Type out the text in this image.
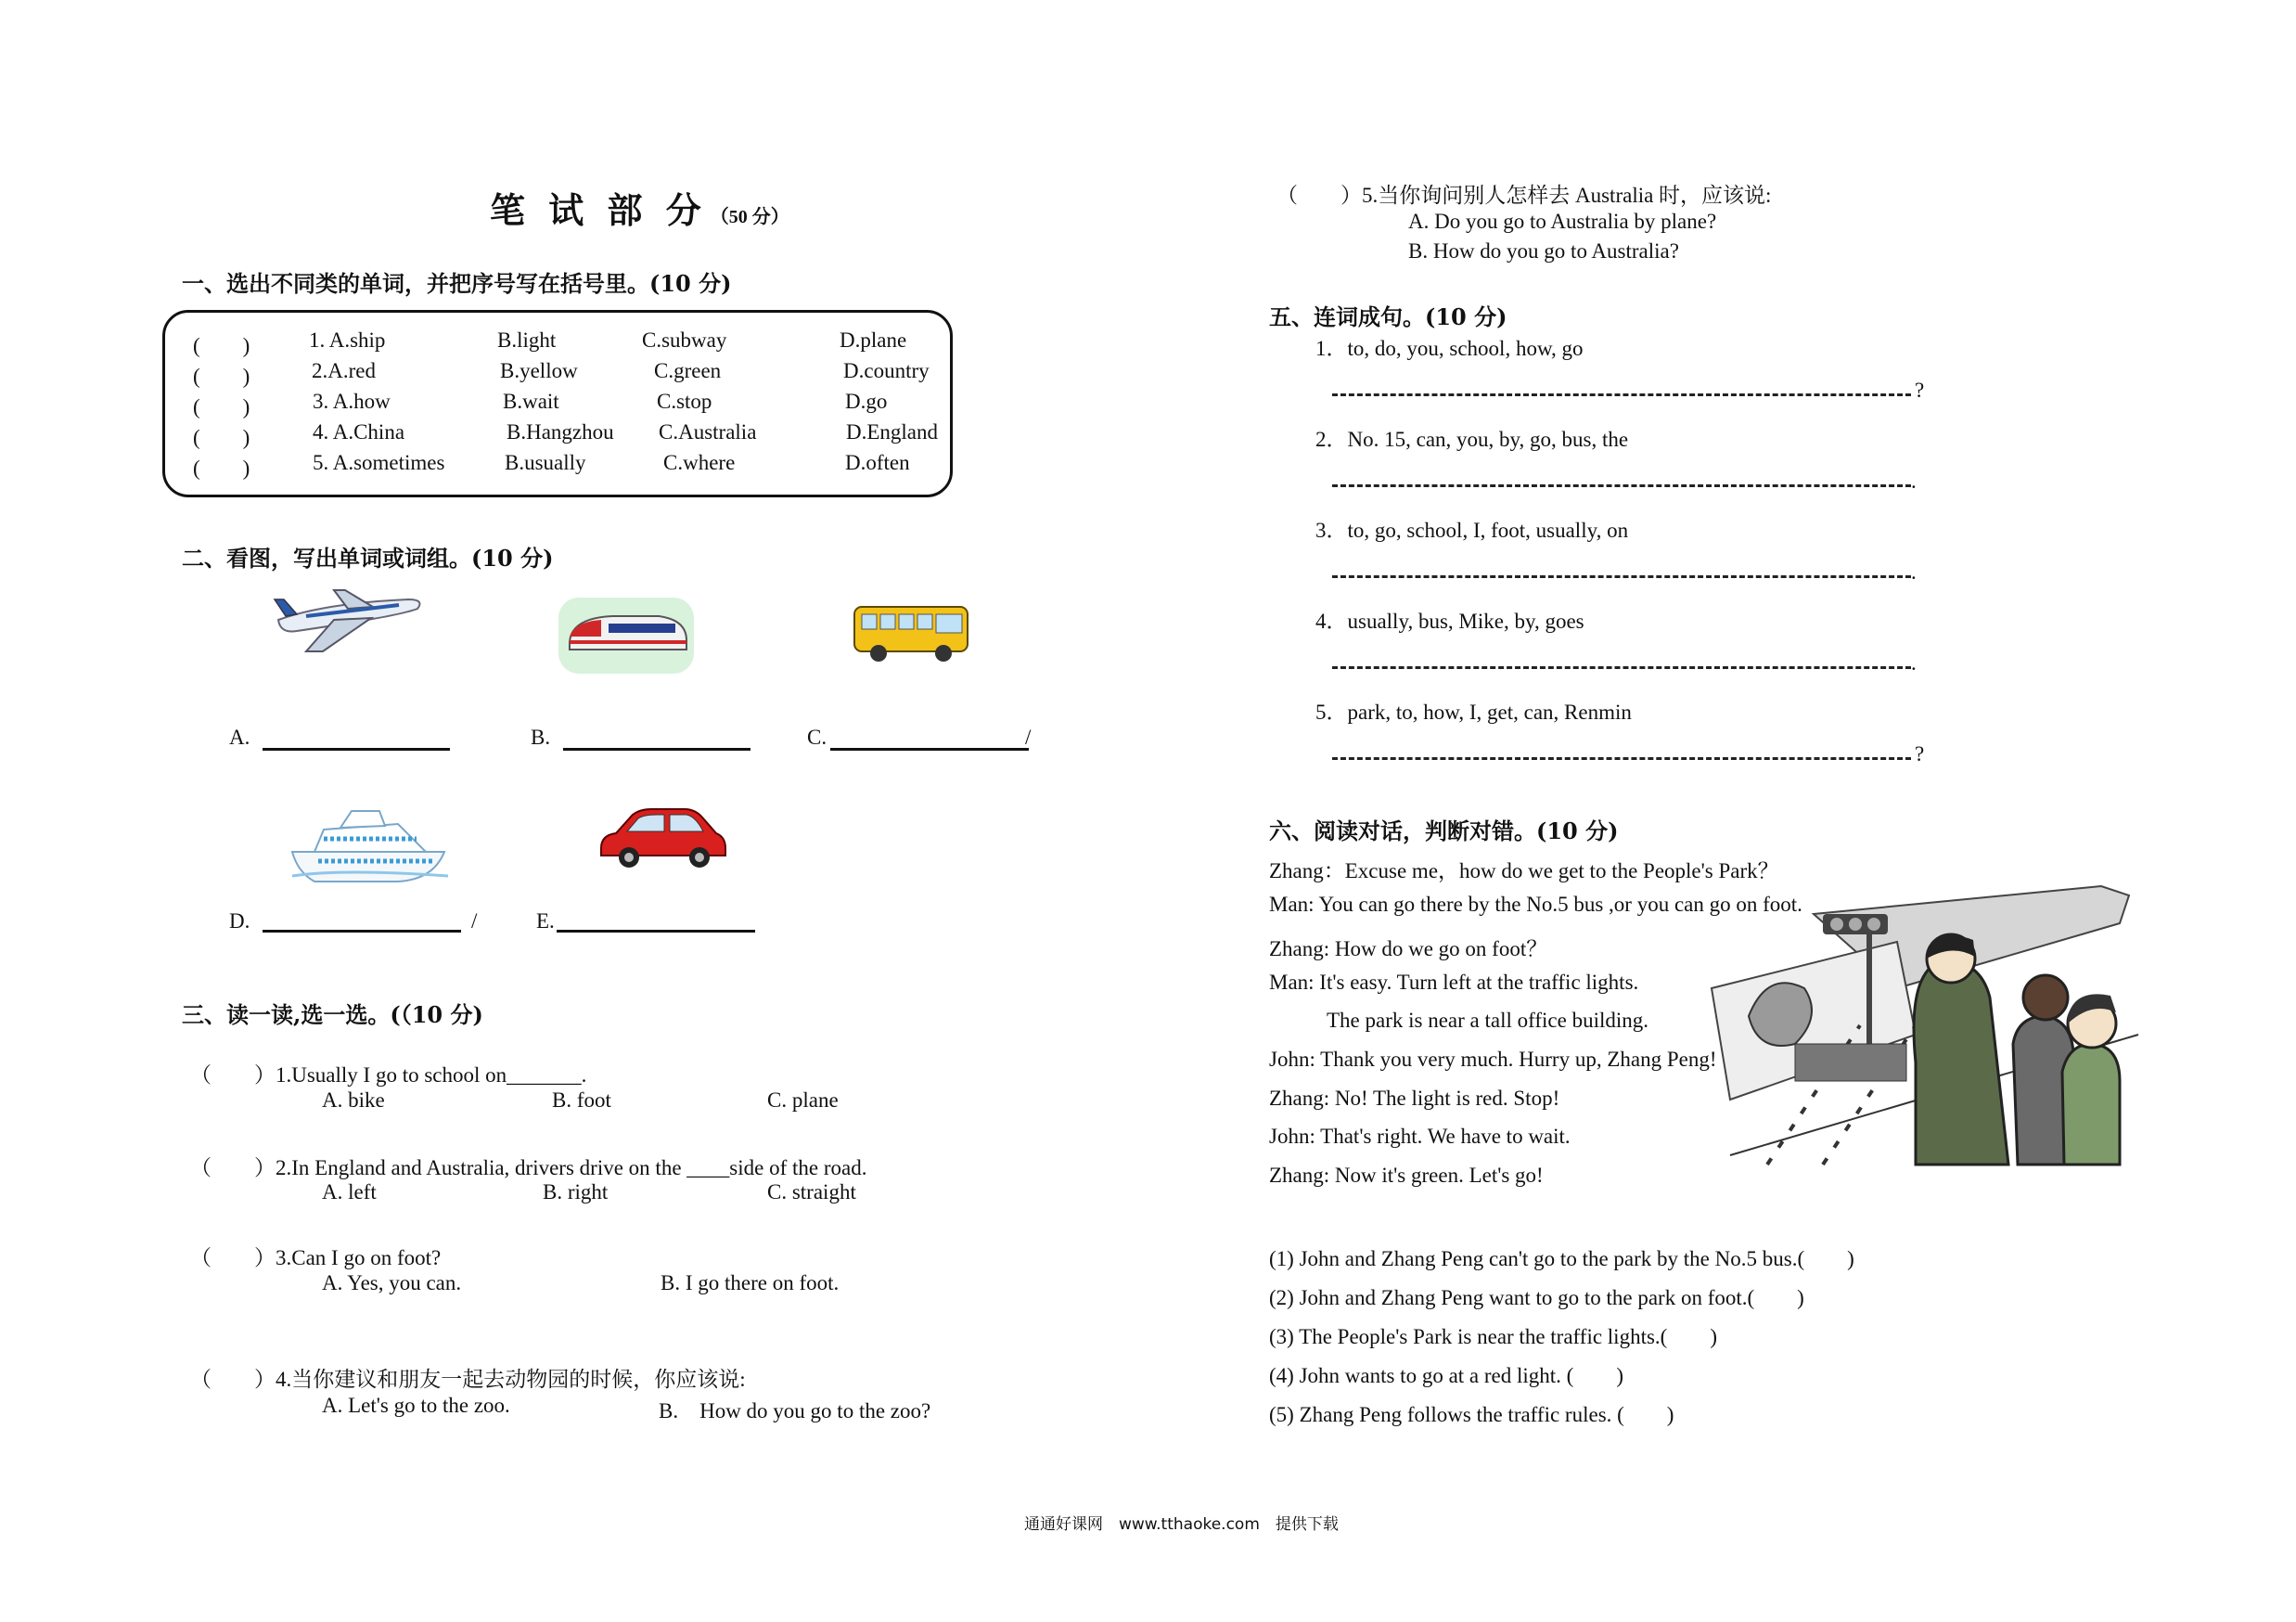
笔 试 部 分 （50 分）
一、选出不同类的单词，并把序号写在括号里。(10 分)
(　　)	1. A.ship	B.light	C.subway	D.plane
(　　)	2.A.red	B.yellow	C.green	D.country
(　　)	3. A.how	B.wait	C.stop	D.go
(　　)	4. A.China	B.Hangzhou C.Australia	D.England
(　　)	5. A.sometimes	B.usually	C.where	D.often
二、看图，写出单词或词组。(10 分)
A.	B.	C.	/
D.	/	E.
三、读一读,选一选。(（10 分)
（　　）1.Usually I go to school on_______.
A. bike	B. foot	C. plane
（　　）2.In England and Australia, drivers drive on the ____side of the road.
A. left	B. right	C. straight
（　　）3.Can I go on foot?
A. Yes, you can.	B. I go there on foot.
（　　）4.当你建议和朋友一起去动物园的时候，你应该说:
A. Let's go to the zoo.	B.　How do you go to the zoo?
（　　）5.当你询问别人怎样去 Australia 时，应该说:
A. Do you go to Australia by plane?
B. How do you go to Australia?
五、连词成句。(10 分)
1．to, do, you, school, how, go
?
2．No. 15, can, you, by, go, bus, the
.
3．to, go, school, I, foot, usually, on
.
4．usually, bus, Mike, by, goes
.
5．park, to, how, I, get, can, Renmin
?
六、阅读对话，判断对错。(10 分)
Zhang：Excuse me，how do we get to the People's Park？
Man: You can go there by the No.5 bus ,or you can go on foot.
Zhang: How do we go on foot？
Man: It's easy. Turn left at the traffic lights.
The park is near a tall office building.
John: Thank you very much. Hurry up, Zhang Peng!
Zhang: No! The light is red. Stop!
John: That's right. We have to wait.
Zhang: Now it's green. Let's go!
(1) John and Zhang Peng can't go to the park by the No.5 bus.(　　)
(2) John and Zhang Peng want to go to the park on foot.(　　)
(3) The People's Park is near the traffic lights.(　　)
(4) John wants to go at a red light. (　　)
(5) Zhang Peng follows the traffic rules. (　　)
通通好课网　www.tthaoke.com　提供下载
